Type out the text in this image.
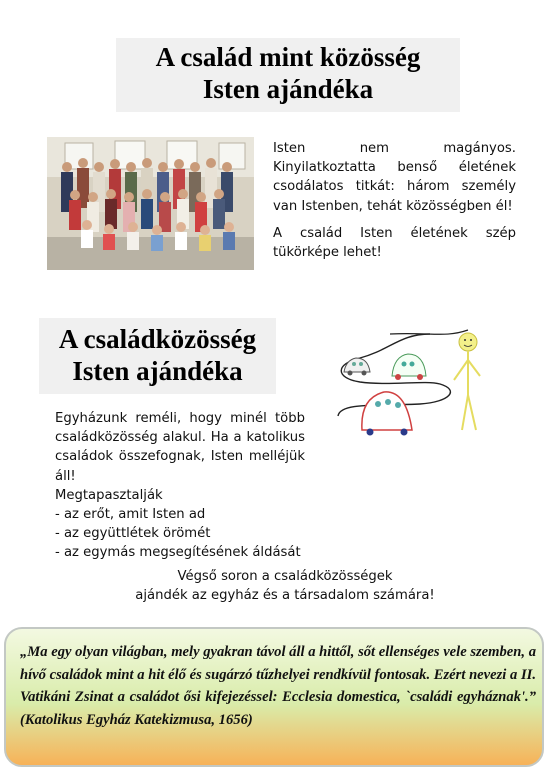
A család mint közösség
Isten ajándéka

Isten nem magányos. Kinyilatkoztatta benső életének csodálatos titkát: három személy van Istenben, tehát közösségben él!

A család Isten életének szép tükörképe lehet!

A családközösség
Isten ajándéka

Egyházunk reméli, hogy minél több családközösség alakul. Ha a katolikus családok összefognak, Isten melléjük áll!

Megtapasztalják

- az erőt, amit Isten ad
- az együttlétek örömét
- az egymás megsegítésének áldását
Végső soron a családközösségek
ajándék az egyház és a társadalom számára!
„Ma egy olyan világban, mely gyakran távol áll a hittől, sőt ellenséges vele szemben, a hívő családok mint a hit élő és sugárzó tűzhelyei rendkívül fontosak. Ezért nevezi a II. Vatikáni Zsinat a családot ősi kifejezéssel: Ecclesia domestica, `családi egyháznak'.” (Katolikus Egyház Katekizmusa, 1656)
